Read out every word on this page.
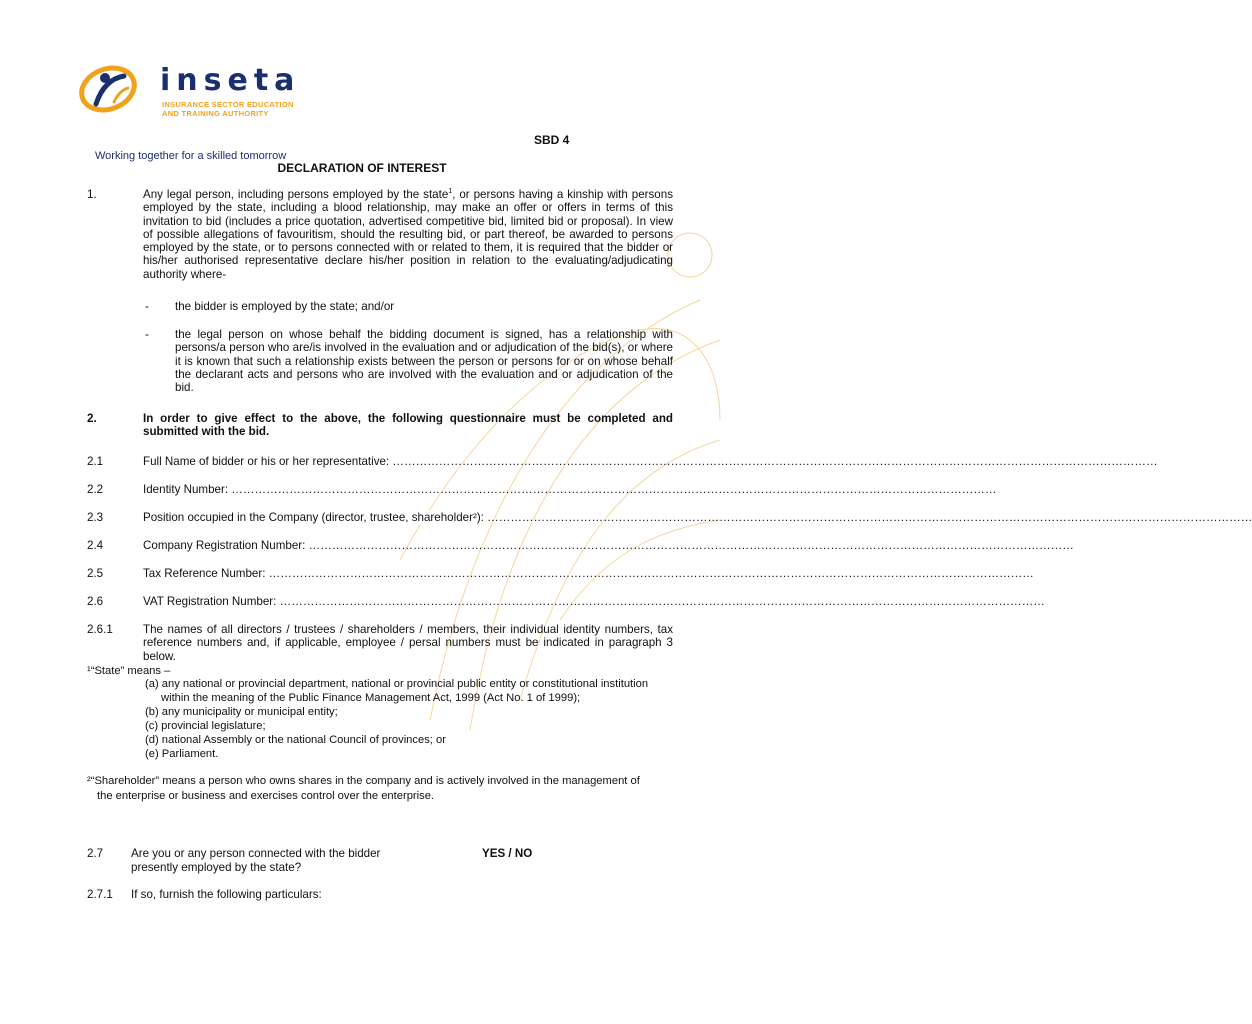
inseta
INSURANCE SECTOR EDUCATION
AND TRAINING AUTHORITY
Working together for a skilled tomorrow
SBD 4
DECLARATION OF INTEREST
1.	Any legal person, including persons employed by the state$^1$, or persons having a kinship with persons employed by the state, including a blood relationship, may make an offer or offers in terms of this invitation to bid (includes a price quotation, advertised competitive bid, limited bid or proposal). In view of possible allegations of favouritism, should the resulting bid, or part thereof, be awarded to persons employed by the state, or to persons connected with or related to them, it is required that the bidder or his/her authorised representative declare his/her position in relation to the evaluating/adjudicating authority where-
- the bidder is employed by the state; and/or
- the legal person on whose behalf the bidding document is signed, has a relationship with persons/a person who are/is involved in the evaluation and or adjudication of the bid(s), or where it is known that such a relationship exists between the person or persons for or on whose behalf the declarant acts and persons who are involved with the evaluation and or adjudication of the bid.
2.	In order to give effect to the above, the following questionnaire must be completed and submitted with the bid.
2.1	Full Name of bidder or his or her representative: ………………………………………………………………………………………………………………………………………………………………………………
2.2	Identity Number: ………………………………………………………………………………………………………………………………………………………………………………
2.3	Position occupied in the Company (director, trustee, shareholder²): ………………………………………………………………………………………………………………………………………………………………………………
2.4	Company Registration Number: ………………………………………………………………………………………………………………………………………………………………………………
2.5	Tax Reference Number: ………………………………………………………………………………………………………………………………………………………………………………
2.6	VAT Registration Number: ………………………………………………………………………………………………………………………………………………………………………………
2.6.1	The names of all directors / trustees / shareholders / members, their individual identity numbers, tax reference numbers and, if applicable, employee / persal numbers must be indicated in paragraph 3 below.
¹“State” means –
(a) any national or provincial department, national or provincial public entity or constitutional institution
within the meaning of the Public Finance Management Act, 1999 (Act No. 1 of 1999);
(b) any municipality or municipal entity;
(c) provincial legislature;
(d) national Assembly or the national Council of provinces; or
(e) Parliament.
²“Shareholder” means a person who owns shares in the company and is actively involved in the management of
the enterprise or business and exercises control over the enterprise.
2.7 Are you or any person connected with the bidder
presently employed by the state?
YES / NO
2.7.1 If so, furnish the following particulars:
